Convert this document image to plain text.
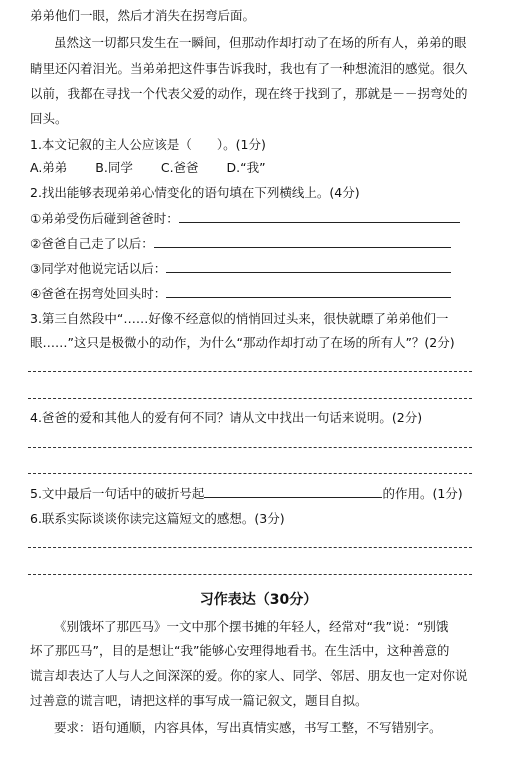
弟弟他们一眼，然后才消失在拐弯后面。
虽然这一切都只发生在一瞬间，但那动作却打动了在场的所有人，弟弟的眼
睛里还闪着泪光。当弟弟把这件事告诉我时，我也有了一种想流泪的感觉。很久
以前，我都在寻找一个代表父爱的动作，现在终于找到了，那就是－－拐弯处的
回头。
1.本文记叙的主人公应该是（　　）。(1分)
A.弟弟 B.同学 C.爸爸 D.“我”
2.找出能够表现弟弟心情变化的语句填在下列横线上。(4分)
①弟弟受伤后碰到爸爸时：
②爸爸自己走了以后：
③同学对他说完话以后：
④爸爸在拐弯处回头时：
3.第三自然段中“……好像不经意似的悄悄回过头来，很快就瞟了弟弟他们一
眼……”这只是极微小的动作，为什么“那动作却打动了在场的所有人”？(2分)
4.爸爸的爱和其他人的爱有何不同？请从文中找出一句话来说明。(2分)
5.文中最后一句话中的破折号起	的作用。(1分)
6.联系实际谈谈你读完这篇短文的感想。(3分)
习作表达（30分）
《别饿坏了那匹马》一文中那个摆书摊的年轻人，经常对“我”说：“别饿
坏了那匹马”，目的是想让“我”能够心安理得地看书。在生活中，这种善意的
谎言却表达了人与人之间深深的爱。你的家人、同学、邻居、朋友也一定对你说
过善意的谎言吧，请把这样的事写成一篇记叙文，题目自拟。
要求：语句通顺，内容具体，写出真情实感，书写工整，不写错别字。
